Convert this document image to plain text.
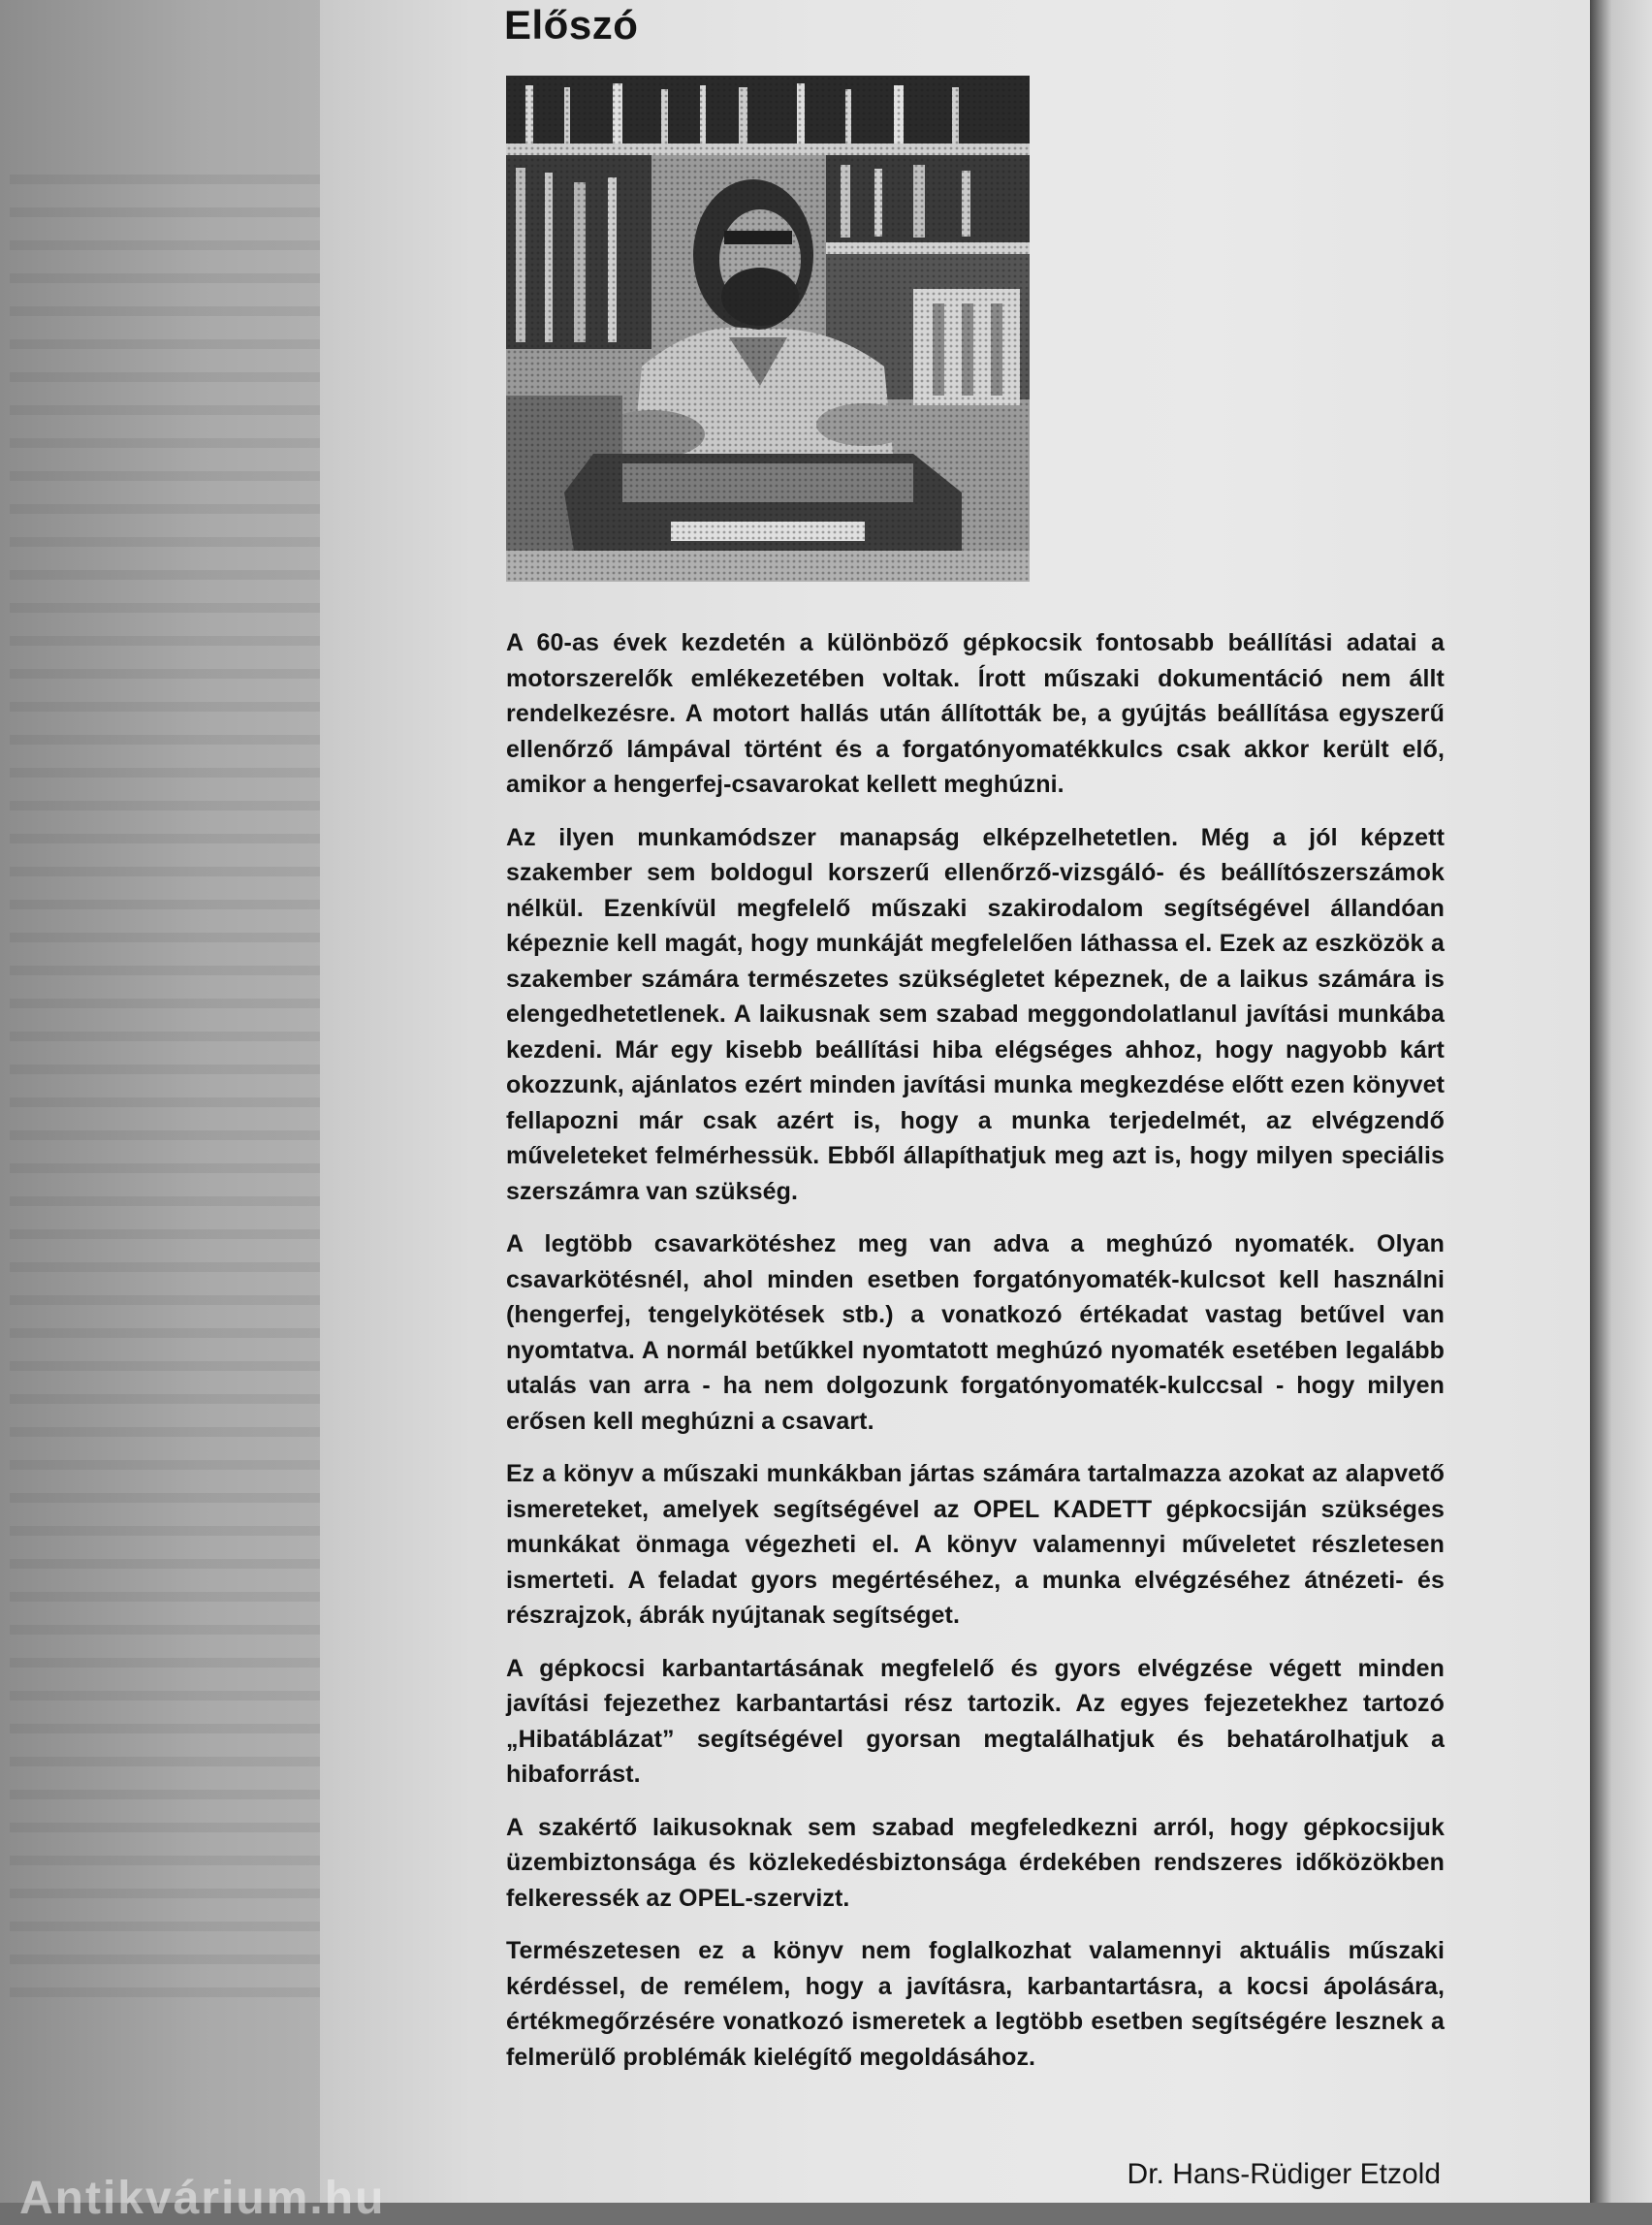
Előszó

A 60-as évek kezdetén a különböző gépkocsik fontosabb beállítási adatai a motorszerelők emlékezetében voltak. Írott műszaki dokumentáció nem állt rendelkezésre. A motort hallás után állították be, a gyújtás beállítása egyszerű ellenőrző lámpával történt és a forgatónyomatékkulcs csak akkor került elő, amikor a hengerfej-csavarokat kellett meghúzni.

Az ilyen munkamódszer manapság elképzelhetetlen. Még a jól képzett szakember sem boldogul korszerű ellenőrző-vizsgáló- és beállítószerszámok nélkül. Ezenkívül megfelelő műszaki szakirodalom segítségével állandóan képeznie kell magát, hogy munkáját megfelelően láthassa el. Ezek az eszközök a szakember számára természetes szükségletet képeznek, de a laikus számára is elengedhetetlenek. A laikusnak sem szabad meggondolatlanul javítási munkába kezdeni. Már egy kisebb beállítási hiba elégséges ahhoz, hogy nagyobb kárt okozzunk, ajánlatos ezért minden javítási munka megkezdése előtt ezen könyvet fellapozni már csak azért is, hogy a munka terjedelmét, az elvégzendő műveleteket felmérhessük. Ebből állapíthatjuk meg azt is, hogy milyen speciális szerszámra van szükség.

A legtöbb csavarkötéshez meg van adva a meghúzó nyomaték. Olyan csavarkötésnél, ahol minden esetben forgatónyomaték-kulcsot kell használni (hengerfej, tengelykötések stb.) a vonatkozó értékadat vastag betűvel van nyomtatva. A normál betűkkel nyomtatott meghúzó nyomaték esetében legalább utalás van arra - ha nem dolgozunk forgatónyomaték-kulccsal - hogy milyen erősen kell meghúzni a csavart.

Ez a könyv a műszaki munkákban jártas számára tartalmazza azokat az alapvető ismereteket, amelyek segítségével az OPEL KADETT gépkocsiján szükséges munkákat önmaga végezheti el. A könyv valamennyi műveletet részletesen ismerteti. A feladat gyors megértéséhez, a munka elvégzéséhez átnézeti- és részrajzok, ábrák nyújtanak segítséget.

A gépkocsi karbantartásának megfelelő és gyors elvégzése végett minden javítási fejezethez karbantartási rész tartozik. Az egyes fejezetekhez tartozó „Hibatáblázat” segítségével gyorsan megtalálhatjuk és behatárolhatjuk a hibaforrást.

A szakértő laikusoknak sem szabad megfeledkezni arról, hogy gépkocsijuk üzembiztonsága és közlekedésbiztonsága érdekében rendszeres időközökben felkeressék az OPEL-szervizt.

Természetesen ez a könyv nem foglalkozhat valamennyi aktuális műszaki kérdéssel, de remélem, hogy a javításra, karbantartásra, a kocsi ápolására, értékmegőrzésére vonatkozó ismeretek a legtöbb esetben segítségére lesznek a felmerülő problémák kielégítő megoldásához.

Dr. Hans-Rüdiger Etzold
Antikvárium.hu
